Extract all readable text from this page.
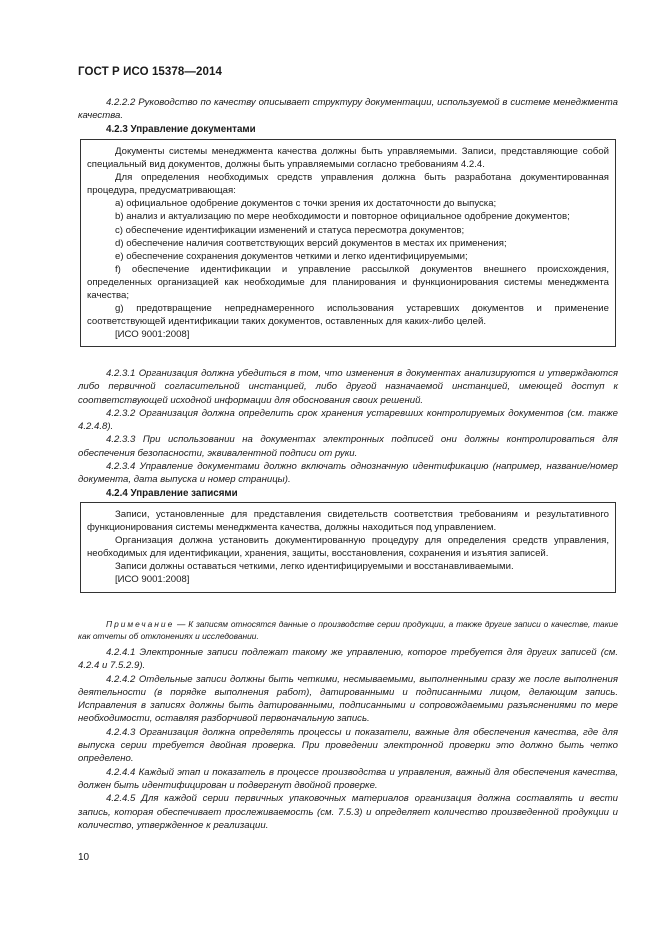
ГОСТ Р ИСО 15378—2014

4.2.2.2 Руководство по качеству описывает структуру документации, используемой в системе менеджмента качества.

4.2.3 Управление документами

Документы системы менеджмента качества должны быть управляемыми. Записи, представляющие собой специальный вид документов, должны быть управляемыми согласно требованиям 4.2.4.

Для определения необходимых средств управления должна быть разработана документированная процедура, предусматривающая:

a) официальное одобрение документов с точки зрения их достаточности до выпуска;

b) анализ и актуализацию по мере необходимости и повторное официальное одобрение документов;

c) обеспечение идентификации изменений и статуса пересмотра документов;

d) обеспечение наличия соответствующих версий документов в местах их применения;

e) обеспечение сохранения документов четкими и легко идентифицируемыми;

f) обеспечение идентификации и управление рассылкой документов внешнего происхождения, определенных организацией как необходимые для планирования и функционирования системы менеджмента качества;

g) предотвращение непреднамеренного использования устаревших документов и применение соответствующей идентификации таких документов, оставленных для каких-либо целей.

[ИСО 9001:2008]

4.2.3.1 Организация должна убедиться в том, что изменения в документах анализируются и утверждаются либо первичной согласительной инстанцией, либо другой назначаемой инстанцией, имеющей доступ к соответствующей исходной информации для обоснования своих решений.

4.2.3.2 Организация должна определить срок хранения устаревших контролируемых документов (см. также 4.2.4.8).

4.2.3.3 При использовании на документах электронных подписей они должны контролироваться для обеспечения безопасности, эквивалентной подписи от руки.

4.2.3.4 Управление документами должно включать однозначную идентификацию (например, название/номер документа, дата выпуска и номер страницы).

4.2.4 Управление записями

Записи, установленные для представления свидетельств соответствия требованиям и результативного функционирования системы менеджмента качества, должны находиться под управлением.

Организация должна установить документированную процедуру для определения средств управления, необходимых для идентификации, хранения, защиты, восстановления, сохранения и изъятия записей.

Записи должны оставаться четкими, легко идентифицируемыми и восстанавливаемыми.

[ИСО 9001:2008]

Примечание — К записям относятся данные о производстве серии продукции, а также другие записи о качестве, такие как отчеты об отклонениях и исследовании.

4.2.4.1 Электронные записи подлежат такому же управлению, которое требуется для других записей (см. 4.2.4 и 7.5.2.9).

4.2.4.2 Отдельные записи должны быть четкими, несмываемыми, выполненными сразу же после выполнения деятельности (в порядке выполнения работ), датированными и подписанными лицом, делающим запись. Исправления в записях должны быть датированными, подписанными и сопровождаемыми разъяснениями по мере необходимости, оставляя разборчивой первоначальную запись.

4.2.4.3 Организация должна определять процессы и показатели, важные для обеспечения качества, где для выпуска серии требуется двойная проверка. При проведении электронной проверки это должно быть четко определено.

4.2.4.4 Каждый этап и показатель в процессе производства и управления, важный для обеспечения качества, должен быть идентифицирован и подвергнут двойной проверке.

4.2.4.5 Для каждой серии первичных упаковочных материалов организация должна составлять и вести запись, которая обеспечивает прослеживаемость (см. 7.5.3) и определяет количество произведенной продукции и количество, утвержденное к реализации.

10
